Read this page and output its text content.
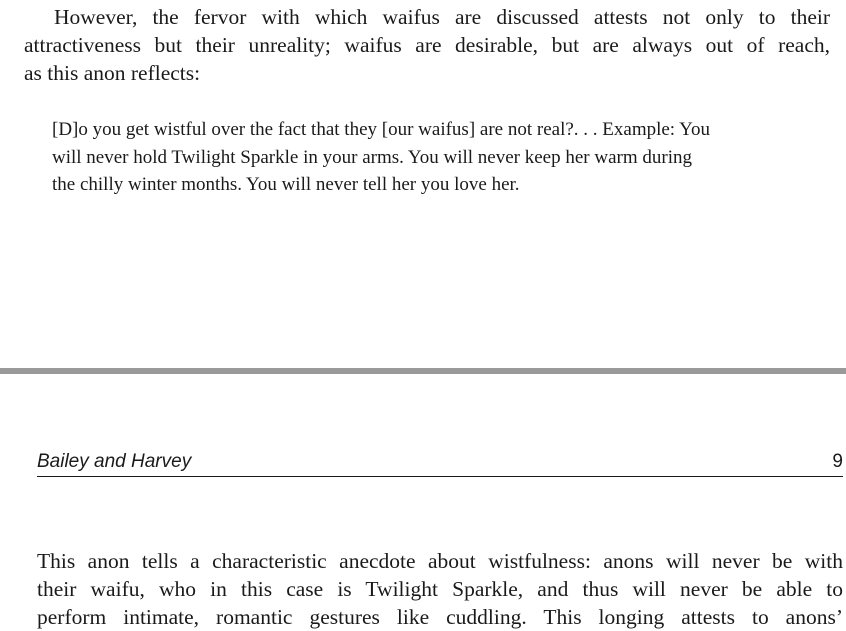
However, the fervor with which waifus are discussed attests not only to their
attractiveness but their unreality; waifus are desirable, but are always out of reach,
as this anon reflects:
[D]o you get wistful over the fact that they [our waifus] are not real?. . . Example: You
will never hold Twilight Sparkle in your arms. You will never keep her warm during
the chilly winter months. You will never tell her you love her.
Bailey and Harvey	9
This anon tells a characteristic anecdote about wistfulness: anons will never be with
their waifu, who in this case is Twilight Sparkle, and thus will never be able to
perform intimate, romantic gestures like cuddling. This longing attests to anons’
